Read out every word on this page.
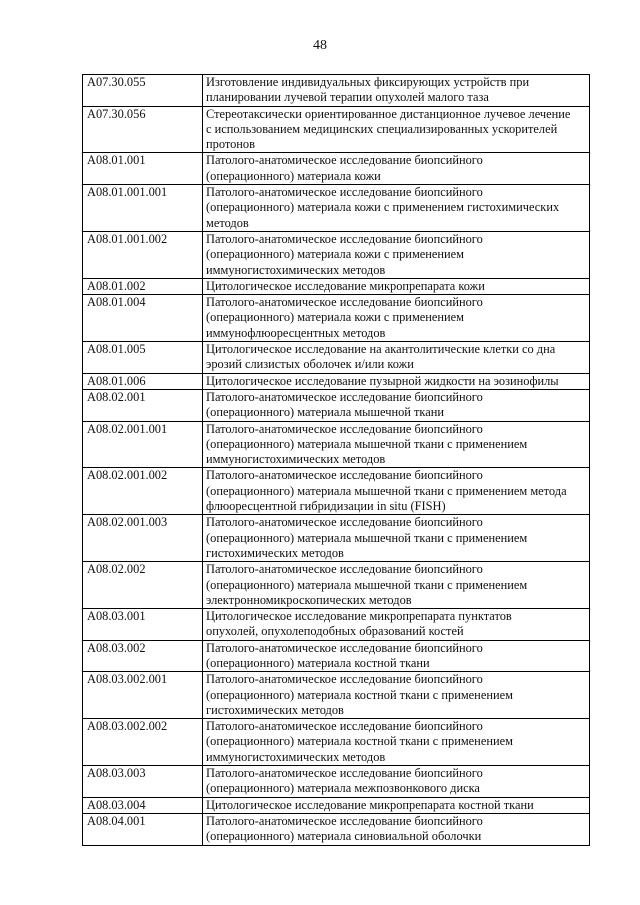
48
A07.30.055	Изготовление индивидуальных фиксирующих устройств при
планировании лучевой терапии опухолей малого таза
A07.30.056	Стереотаксически ориентированное дистанционное лучевое лечение
с использованием медицинских специализированных ускорителей
протонов
A08.01.001	Патолого-анатомическое исследование биопсийного
(операционного) материала кожи
A08.01.001.001	Патолого-анатомическое исследование биопсийного
(операционного) материала кожи с применением гистохимических
методов
A08.01.001.002	Патолого-анатомическое исследование биопсийного
(операционного) материала кожи с применением
иммуногистохимических методов
A08.01.002	Цитологическое исследование микропрепарата кожи
A08.01.004	Патолого-анатомическое исследование биопсийного
(операционного) материала кожи с применением
иммунофлюоресцентных методов
A08.01.005	Цитологическое исследование на акантолитические клетки со дна
эрозий слизистых оболочек и/или кожи
A08.01.006	Цитологическое исследование пузырной жидкости на эозинофилы
A08.02.001	Патолого-анатомическое исследование биопсийного
(операционного) материала мышечной ткани
A08.02.001.001	Патолого-анатомическое исследование биопсийного
(операционного) материала мышечной ткани с применением
иммуногистохимических методов
A08.02.001.002	Патолого-анатомическое исследование биопсийного
(операционного) материала мышечной ткани с применением метода
флюоресцентной гибридизации in situ (FISH)
A08.02.001.003	Патолого-анатомическое исследование биопсийного
(операционного) материала мышечной ткани с применением
гистохимических методов
A08.02.002	Патолого-анатомическое исследование биопсийного
(операционного) материала мышечной ткани с применением
электронномикроскопических методов
A08.03.001	Цитологическое исследование микропрепарата пунктатов
опухолей, опухолеподобных образований костей
A08.03.002	Патолого-анатомическое исследование биопсийного
(операционного) материала костной ткани
A08.03.002.001	Патолого-анатомическое исследование биопсийного
(операционного) материала костной ткани с применением
гистохимических методов
A08.03.002.002	Патолого-анатомическое исследование биопсийного
(операционного) материала костной ткани с применением
иммуногистохимических методов
A08.03.003	Патолого-анатомическое исследование биопсийного
(операционного) материала межпозвонкового диска
A08.03.004	Цитологическое исследование микропрепарата костной ткани
A08.04.001	Патолого-анатомическое исследование биопсийного
(операционного) материала синовиальной оболочки
